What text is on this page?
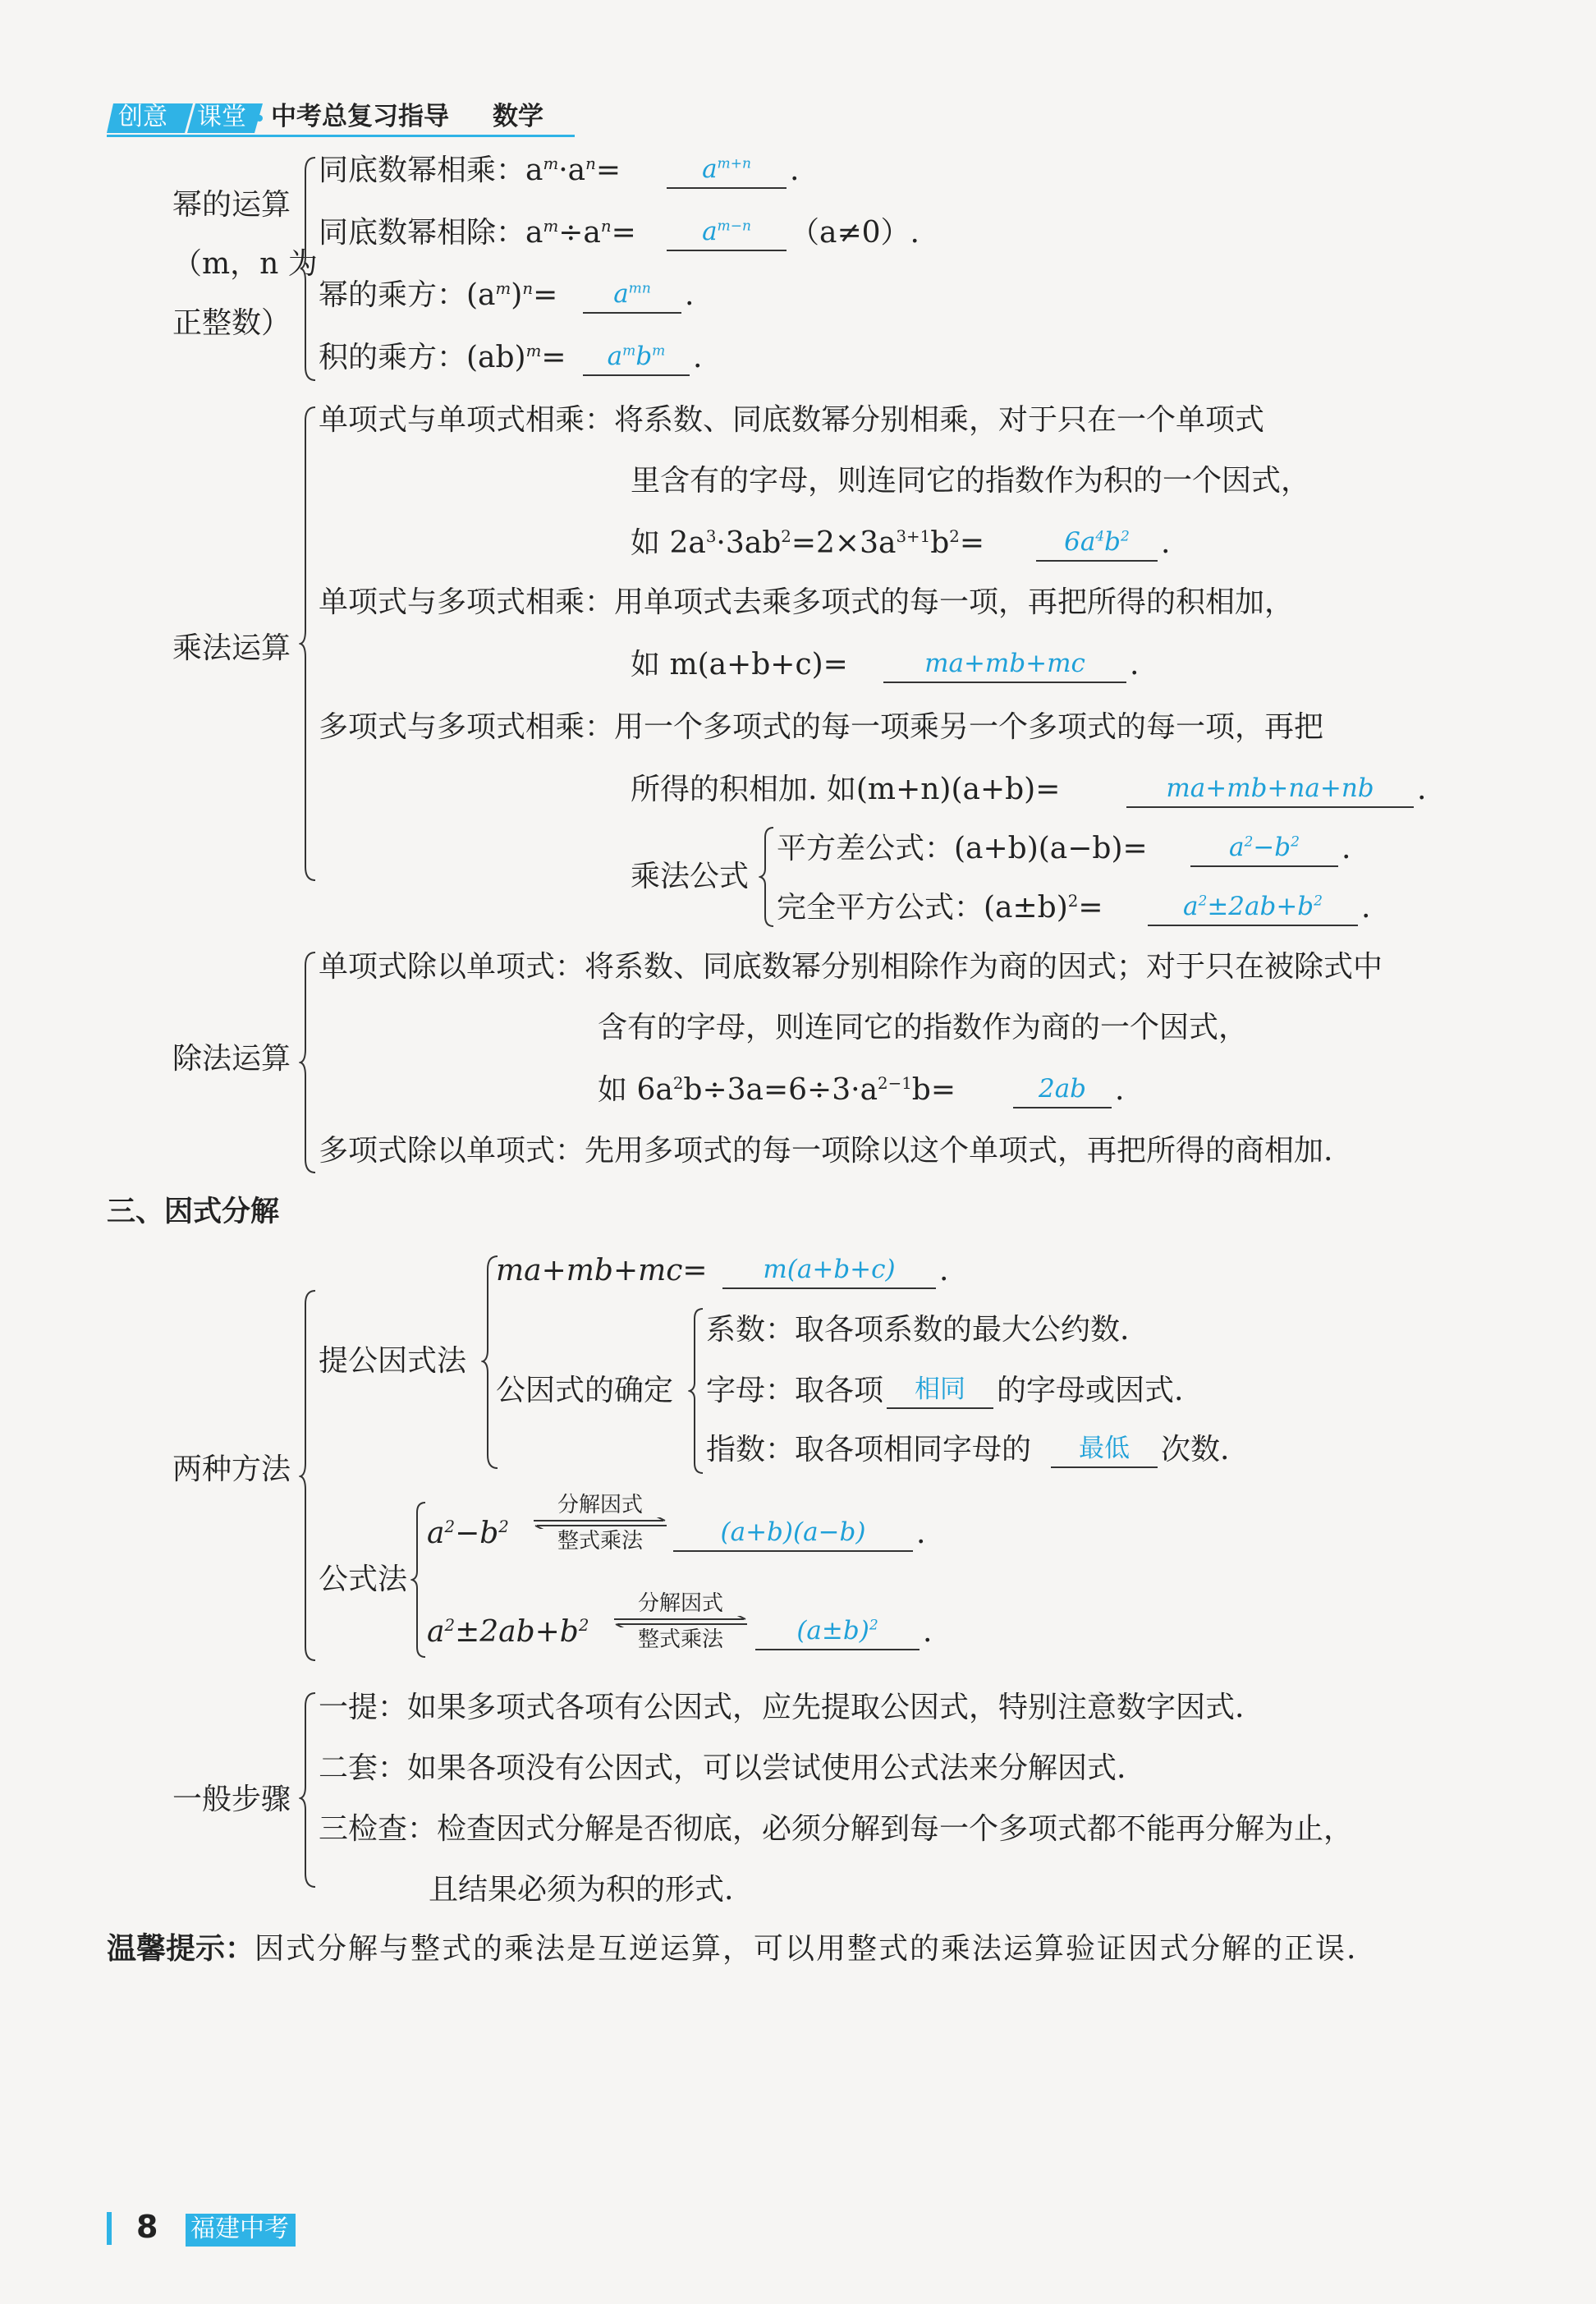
创意 课堂 中考总复习指导 数学
幂的运算
（m，n 为
正整数）
同底数幂相乘：$a^m\cdot a^n=$	$a^{m+n}$	.
同底数幂相除：$a^m\div a^n=$	$a^{m-n}$	（a≠0）.
幂的乘方：$(a^m)^n=$	$a^{mn}$	.
积的乘方：(ab)$^m$=	$a^mb^m$ .
乘法运算
单项式与单项式相乘： 将系数、同底数幂分别相乘，对于只在一个单项式
里含有的字母，则连同它的指数作为积的一个因式，
如 $2a^3\cdot 3ab^2=2\times 3a^{3+1}b^2=$	$6a^4b^2$	.
单项式与多项式相乘： 用单项式去乘多项式的每一项，再把所得的积相加，
如 m(a+b+c)=	ma+mb+mc	.
多项式与多项式相乘： 用一个多项式的每一项乘另一个多项式的每一项，再把
所得的积相加. 如(m+n)(a+b)=	ma+mb+na+nb	.
乘法公式
平方差公式：(a+b)(a−b)=	$a^2-b^2$	.
完全平方公式：$(a\pm b)^2=$	$a^2\pm 2ab+b^2$	.
除法运算
单项式除以单项式： 将系数、同底数幂分别相除作为商的因式；对于只在被除式中
含有的字母，则连同它的指数作为商的一个因式，
如 $6a^2b\div 3a=6\div 3\cdot a^{2-1}b=$	2ab .
多项式除以单项式：先用多项式的每一项除以这个单项式，再把所得的商相加.
三、因式分解
两种方法
提公因式法
ma+mb+mc=	m(a+b+c)	.
公因式的确定
系数：取各项系数的最大公约数.
字母：取各项	相同	的字母或因式.
指数：取各项相同字母的	最低	次数.
公式法
$a^2-b^2$
分解因式
整式乘法	(a+b)(a−b)	.
$a^2\pm 2ab+b^2$
分解因式
整式乘法	$(a\pm b)^2$	.
一般步骤
一提：如果多项式各项有公因式，应先提取公因式，特别注意数字因式.
二套：如果各项没有公因式，可以尝试使用公式法来分解因式.
三检查：检查因式分解是否彻底，必须分解到每一个多项式都不能再分解为止，
且结果必须为积的形式.
温馨提示：因式分解与整式的乘法是互逆运算，可以用整式的乘法运算验证因式分解的正误.
8 福建中考
